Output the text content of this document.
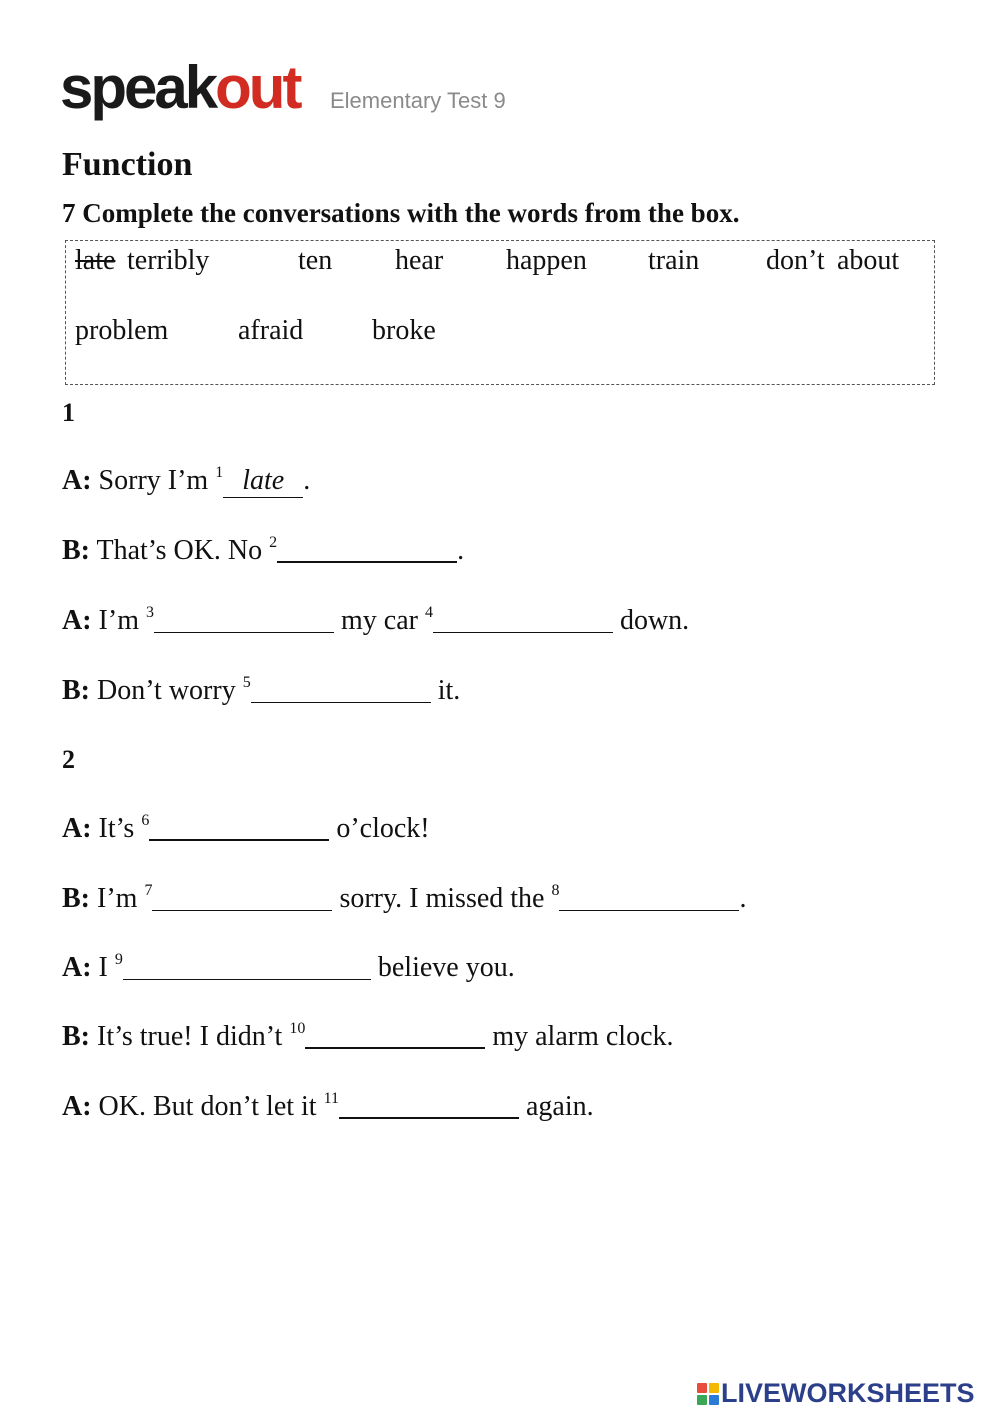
speakout Elementary Test 9
Function
7 Complete the conversations with the words from the box.
late terribly	ten hear happen train don’t about
problem afraid broke
1
A: Sorry I’m $^1$ late .
B: That’s OK. No $^2$	.
A: I’m $^3$	my car $^4$	down.
B: Don’t worry $^5$	it.
2
A: It’s $^6$	o’clock!
B: I’m $^7$	sorry. I missed the $^8$	.
A: I $^9$	believe you.
B: It’s true! I didn’t $^{10}$	my alarm clock.
A: OK. But don’t let it $^{11}$	again.
LIVEWORKSHEETS
